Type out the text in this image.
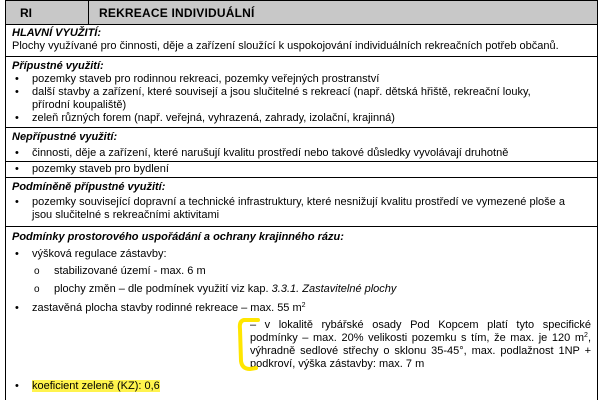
RI	REKREACE INDIVIDUÁLNÍ
HLAVNÍ VYUŽITÍ:
Plochy využívané pro činnosti, děje a zařízení sloužící k uspokojování individuálních rekreačních potřeb občanů.
Přípustné využití:
• pozemky staveb pro rodinnou rekreaci, pozemky veřejných prostranství
• další stavby a zařízení, které souvisejí a jsou slučitelné s rekreací (např. dětská hřiště, rekreační louky, přírodní koupaliště)
• zeleň různých forem (např. veřejná, vyhrazená, zahrady, izolační, krajinná)
Nepřípustné využití:
• činnosti, děje a zařízení, které narušují kvalitu prostředí nebo takové důsledky vyvolávají druhotně
• pozemky staveb pro bydlení
Podmíněně přípustné využití:
• pozemky související dopravní a technické infrastruktury, které nesnižují kvalitu prostředí ve vymezené ploše a jsou slučitelné s rekreačními aktivitami
Podmínky prostorového uspořádání a ochrany krajinného rázu:
• výšková regulace zástavby:
o stabilizované území - max. 6 m
o plochy změn – dle podmínek využití viz kap. 3.3.1. Zastavitelné plochy
• zastavěná plocha stavby rodinné rekreace – max. 55 $m^2$
– v lokalitě rybářské osady Pod Kopcem platí tyto specifické podmínky – max. 20% velikosti pozemku s tím, že max. je 120 $m^2$, výhradně sedlové střechy o sklonu 35-45°, max. podlažnost 1NP + podkroví, výška zástavby: max. 7 m
• koeficient zeleně (KZ): 0,6
